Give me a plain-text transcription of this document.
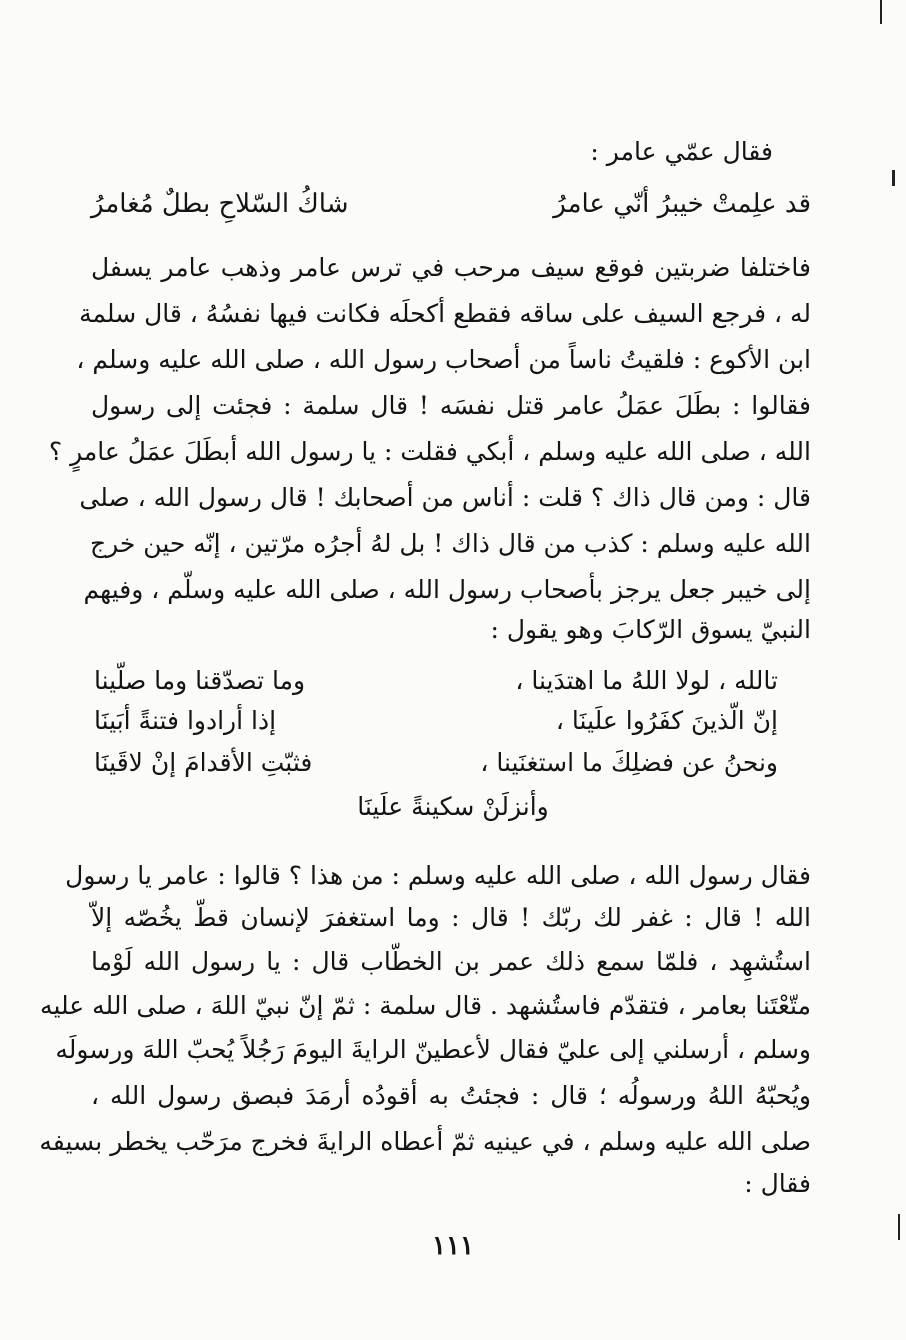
فقال عمّي عامر :
قد علِمتْ خيبرُ أنّي عامرُ
شاكُ السّلاحِ بطلٌ مُغامرُ
فاختلفا ضربتين فوقع سيف مرحب في ترس عامر وذهب عامر يسفل
له ، فرجع السيف على ساقه فقطع أكحلَه فكانت فيها نفسُهُ ، قال سلمة
ابن الأكوع : فلقيتُ ناساً من أصحاب رسول الله ، صلى الله عليه وسلم ،
فقالوا : بطَلَ عمَلُ عامر قتل نفسَه ! قال سلمة : فجئت إلى رسول
الله ، صلى الله عليه وسلم ، أبكي فقلت : يا رسول الله أبطَلَ عمَلُ عامرٍ ؟
قال : ومن قال ذاك ؟ قلت : أناس من أصحابك ! قال رسول الله ، صلى
الله عليه وسلم : كذب من قال ذاك ! بل لهُ أجرُه مرّتين ، إنّه حين خرج
إلى خيبر جعل يرجز بأصحاب رسول الله ، صلى الله عليه وسلّم ، وفيهم
النبيّ يسوق الرّكابَ وهو يقول :
تالله ، لولا اللهُ ما اهتدَينا ،
وما تصدّقنا وما صلّينا
إنّ الّذينَ كفَرُوا علَينَا ،
إذا أرادوا فتنةً أبَينَا
ونحنُ عن فضلِكَ ما استغنَينا ،
فثبّتِ الأقدامَ إنْ لاقَينَا
وأنزلَنْ سكينةً علَينَا
فقال رسول الله ، صلى الله عليه وسلم : من هذا ؟ قالوا : عامر يا رسول
الله ! قال : غفر لك ربّك ! قال : وما استغفرَ لإنسان قطّ يخُصّه إلاّ
استُشهِد ، فلمّا سمع ذلك عمر بن الخطّاب قال : يا رسول الله لَوْما
متّعْتَنا بعامر ، فتقدّم فاستُشهد . قال سلمة : ثمّ إنّ نبيّ اللهَ ، صلى الله عليه
وسلم ، أرسلني إلى عليّ فقال لأعطينّ الرايةَ اليومَ رَجُلاً يُحبّ اللهَ ورسولَه
ويُحبّهُ اللهُ ورسولُه ؛ قال : فجئتُ به أقودُه أرمَدَ فبصق رسول الله ،
صلى الله عليه وسلم ، في عينيه ثمّ أعطاه الرايةَ فخرج مرَحّب يخطر بسيفه
فقال :
١١١
